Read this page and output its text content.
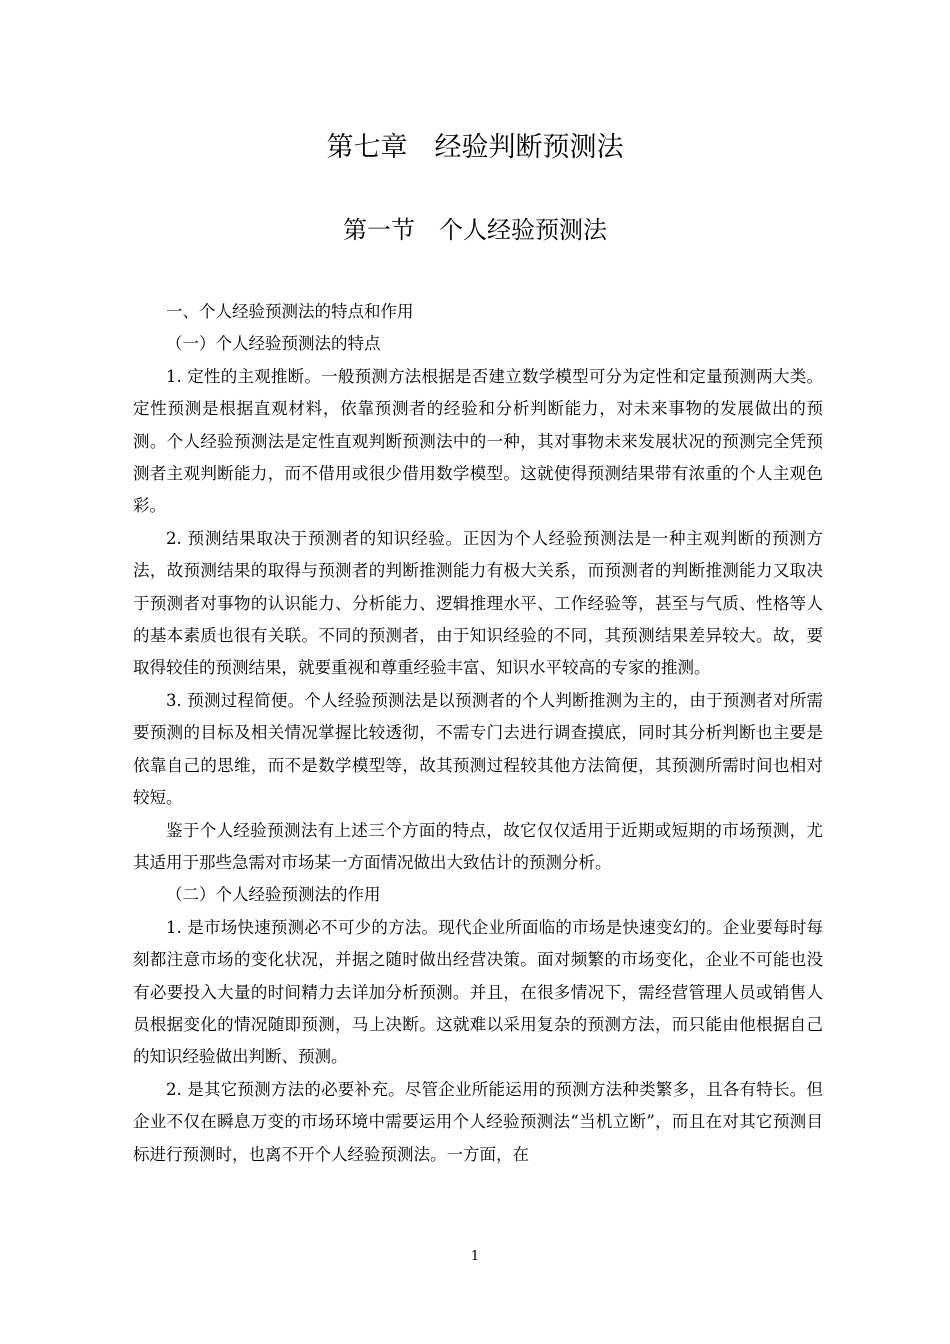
第七章　经验判断预测法
第一节　个人经验预测法

一、个人经验预测法的特点和作用

（一）个人经验预测法的特点

1. 定性的主观推断。一般预测方法根据是否建立数学模型可分为定性和定量预测两大类。定性预测是根据直观材料，依靠预测者的经验和分析判断能力，对未来事物的发展做出的预测。个人经验预测法是定性直观判断预测法中的一种，其对事物未来发展状况的预测完全凭预测者主观判断能力，而不借用或很少借用数学模型。这就使得预测结果带有浓重的个人主观色彩。

2. 预测结果取决于预测者的知识经验。正因为个人经验预测法是一种主观判断的预测方法，故预测结果的取得与预测者的判断推测能力有极大关系，而预测者的判断推测能力又取决于预测者对事物的认识能力、分析能力、逻辑推理水平、工作经验等，甚至与气质、性格等人的基本素质也很有关联。不同的预测者，由于知识经验的不同，其预测结果差异较大。故，要取得较佳的预测结果，就要重视和尊重经验丰富、知识水平较高的专家的推测。

3. 预测过程简便。个人经验预测法是以预测者的个人判断推测为主的，由于预测者对所需要预测的目标及相关情况掌握比较透彻，不需专门去进行调查摸底，同时其分析判断也主要是依靠自己的思维，而不是数学模型等，故其预测过程较其他方法简便，其预测所需时间也相对较短。

鉴于个人经验预测法有上述三个方面的特点，故它仅仅适用于近期或短期的市场预测，尤其适用于那些急需对市场某一方面情况做出大致估计的预测分析。

（二）个人经验预测法的作用

1. 是市场快速预测必不可少的方法。现代企业所面临的市场是快速变幻的。企业要每时每刻都注意市场的变化状况，并据之随时做出经营决策。面对频繁的市场变化，企业不可能也没有必要投入大量的时间精力去详加分析预测。并且，在很多情况下，需经营管理人员或销售人员根据变化的情况随即预测，马上决断。这就难以采用复杂的预测方法，而只能由他根据自己的知识经验做出判断、预测。

2. 是其它预测方法的必要补充。尽管企业所能运用的预测方法种类繁多，且各有特长。但企业不仅在瞬息万变的市场环境中需要运用个人经验预测法“当机立断”，而且在对其它预测目标进行预测时，也离不开个人经验预测法。一方面，在

1
